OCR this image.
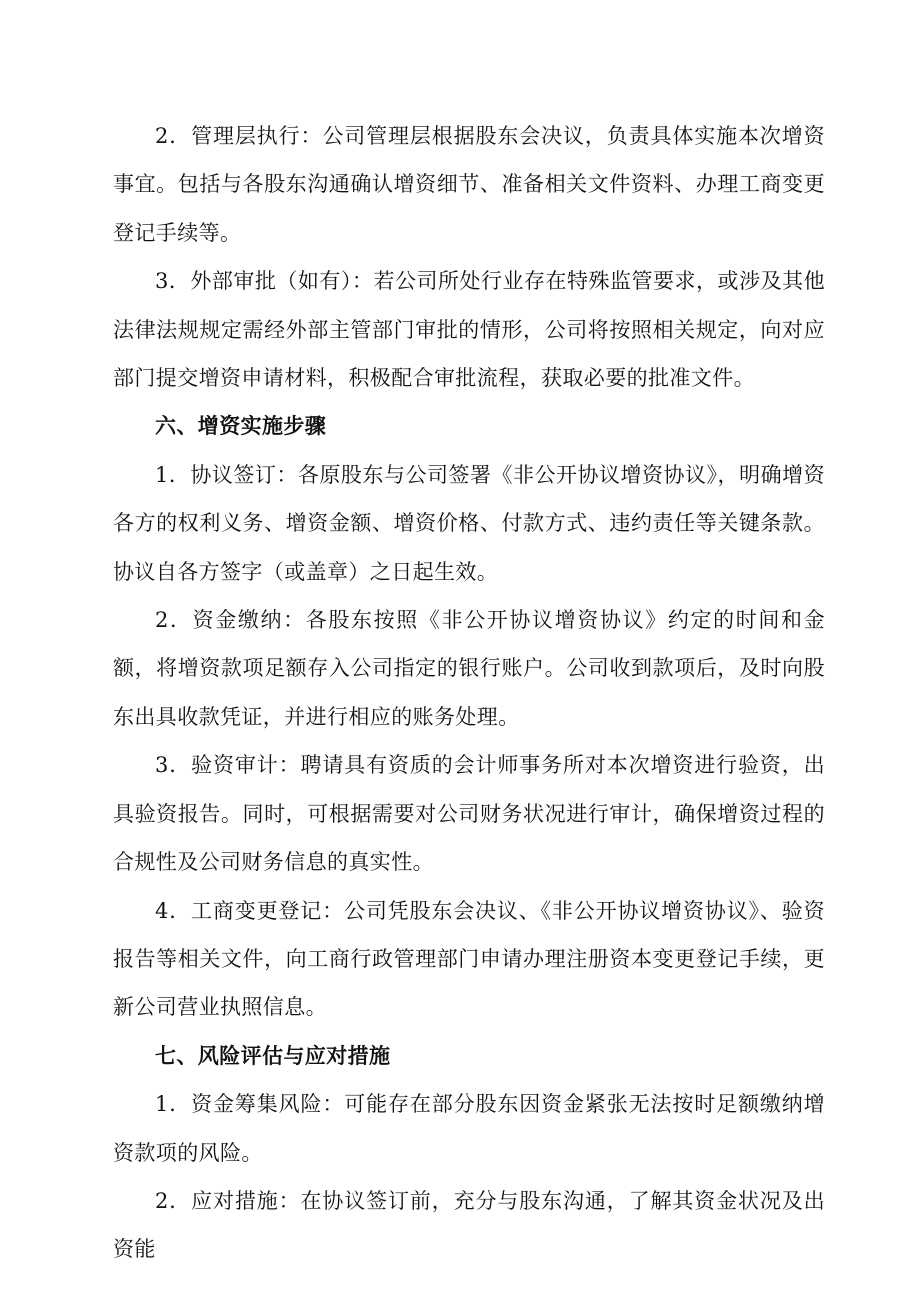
2．管理层执行：公司管理层根据股东会决议，负责具体实施本次增资事宜。包括与各股东沟通确认增资细节、准备相关文件资料、办理工商变更登记手续等。

3．外部审批（如有）：若公司所处行业存在特殊监管要求，或涉及其他法律法规规定需经外部主管部门审批的情形，公司将按照相关规定，向对应部门提交增资申请材料，积极配合审批流程，获取必要的批准文件。

六、增资实施步骤

1．协议签订：各原股东与公司签署《非公开协议增资协议》，明确增资各方的权利义务、增资金额、增资价格、付款方式、违约责任等关键条款。协议自各方签字（或盖章）之日起生效。

2．资金缴纳：各股东按照《非公开协议增资协议》约定的时间和金额，将增资款项足额存入公司指定的银行账户。公司收到款项后，及时向股东出具收款凭证，并进行相应的账务处理。

3．验资审计：聘请具有资质的会计师事务所对本次增资进行验资，出具验资报告。同时，可根据需要对公司财务状况进行审计，确保增资过程的合规性及公司财务信息的真实性。

4．工商变更登记：公司凭股东会决议、《非公开协议增资协议》、验资报告等相关文件，向工商行政管理部门申请办理注册资本变更登记手续，更新公司营业执照信息。

七、风险评估与应对措施

1．资金筹集风险：可能存在部分股东因资金紧张无法按时足额缴纳增资款项的风险。

2．应对措施：在协议签订前，充分与股东沟通，了解其资金状况及出资能
